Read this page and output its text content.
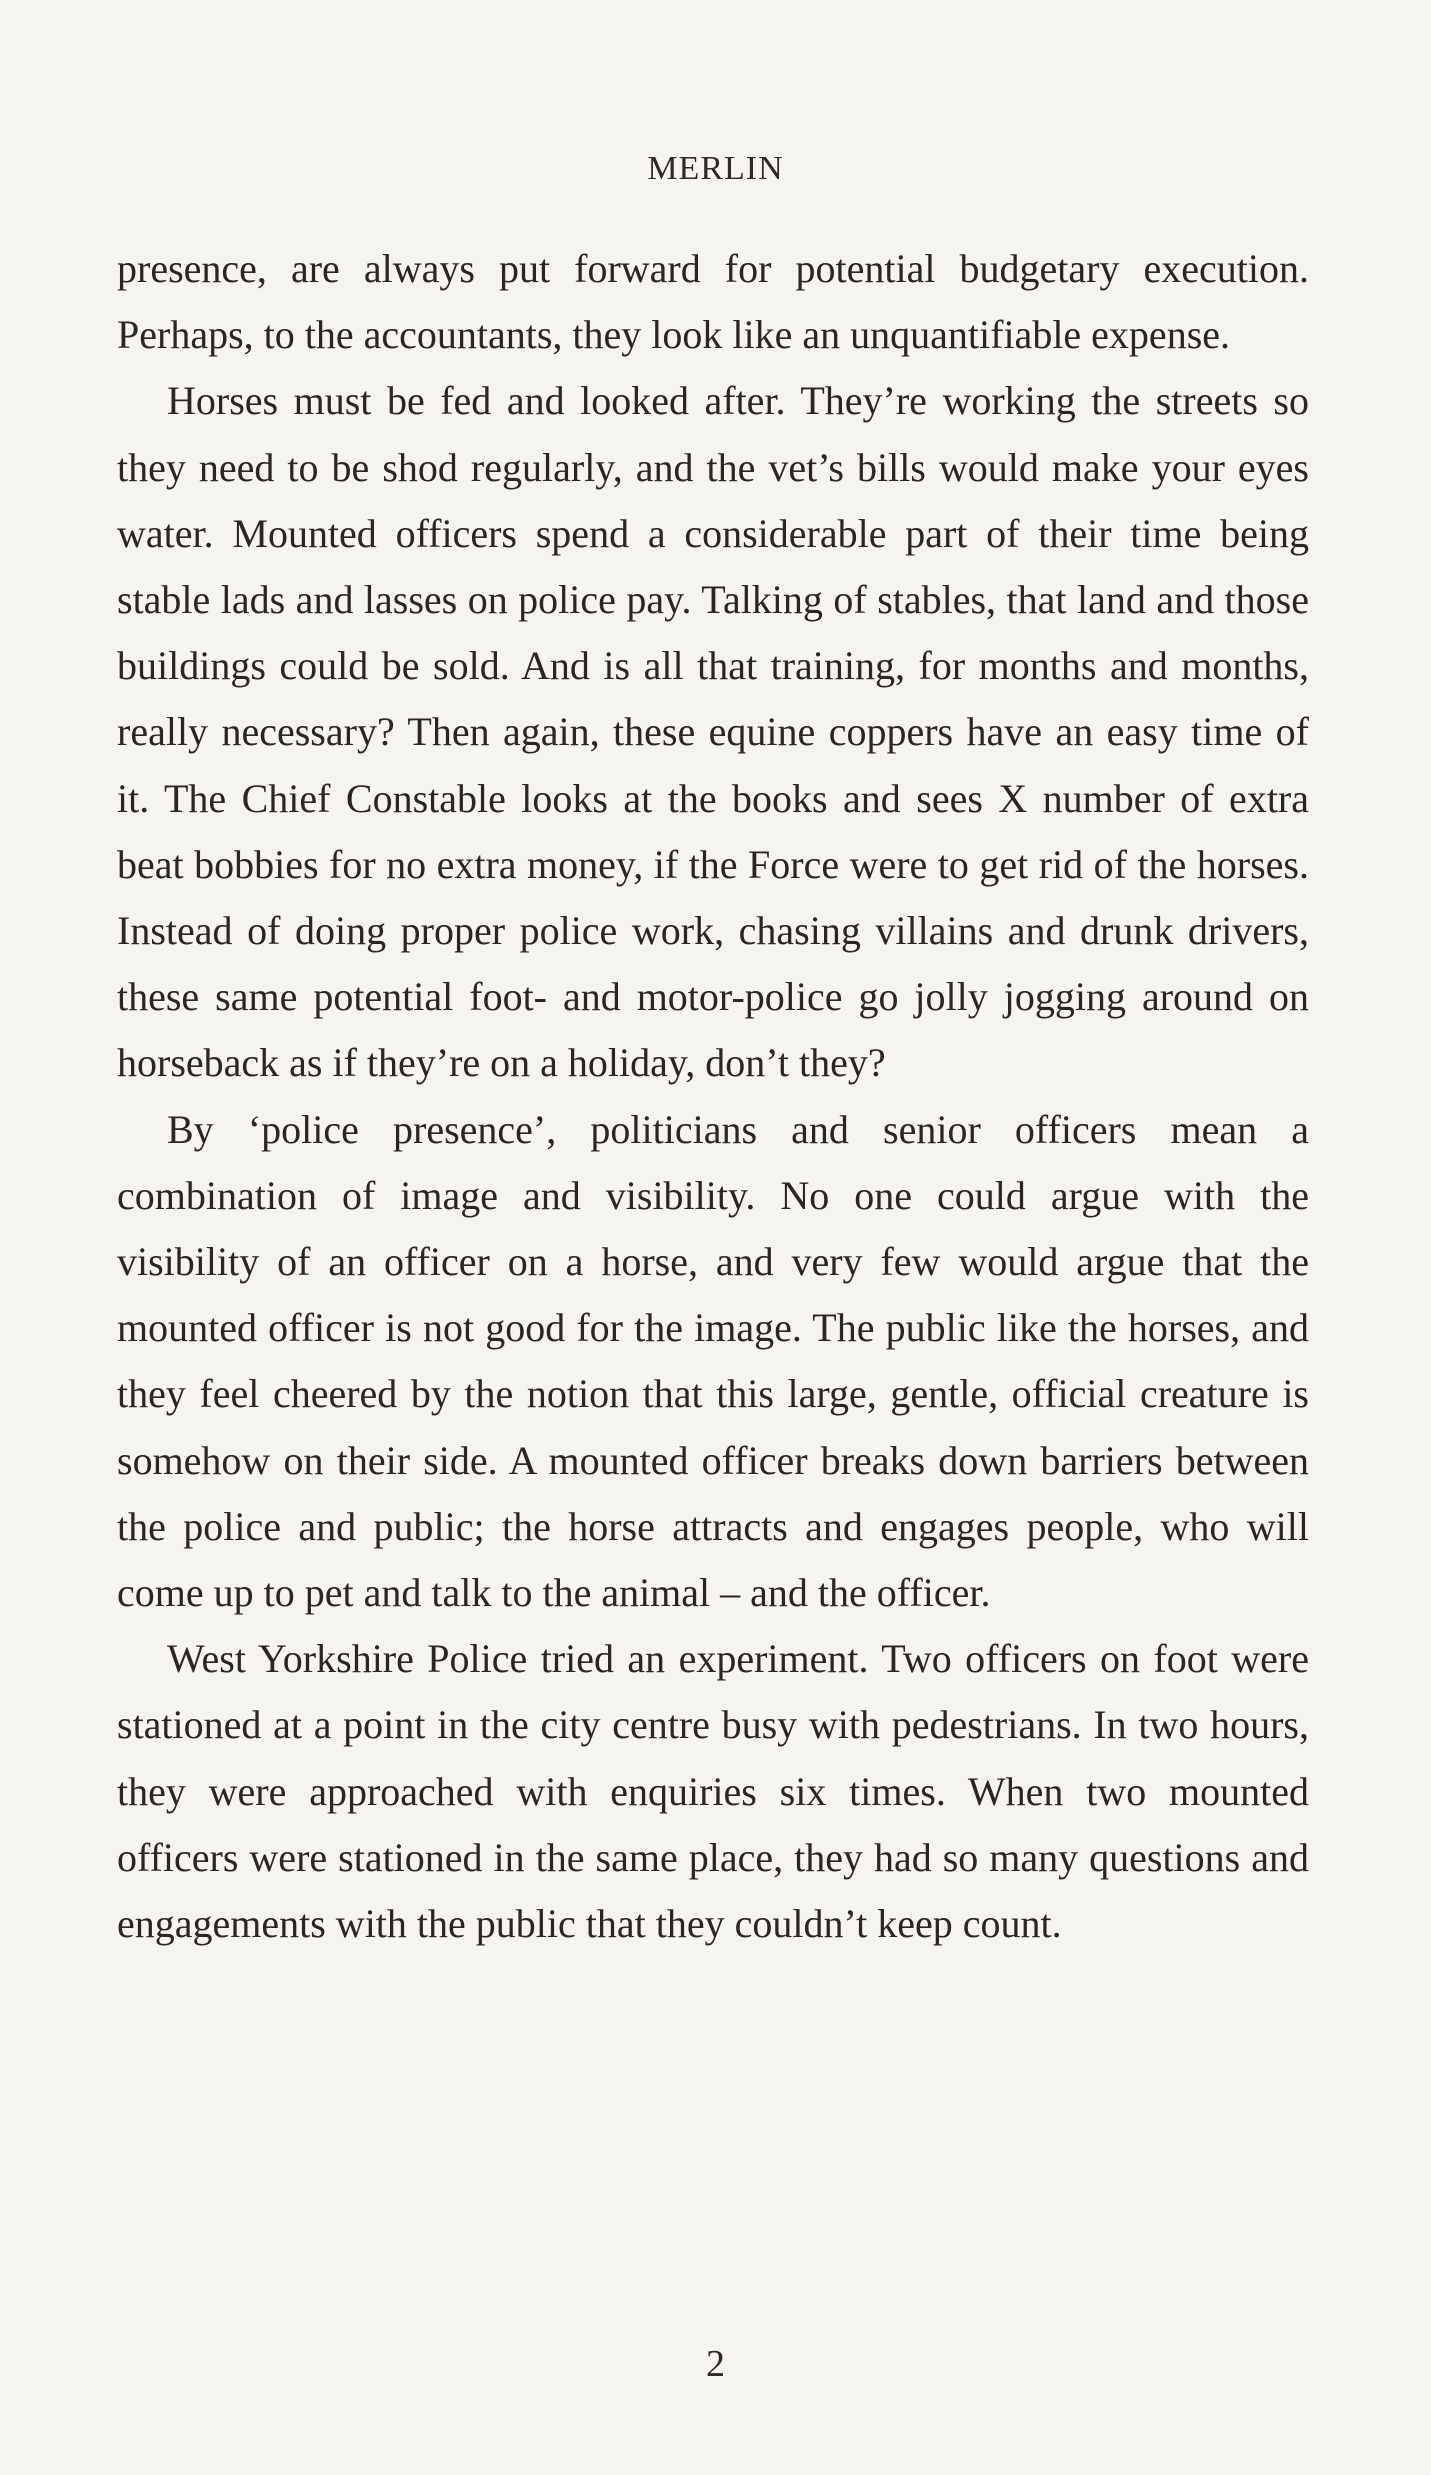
MERLIN

presence, are always put forward for potential budgetary execution. Perhaps, to the accountants, they look like an unquantifiable expense.

Horses must be fed and looked after. They’re working the streets so they need to be shod regularly, and the vet’s bills would make your eyes water. Mounted officers spend a considerable part of their time being stable lads and lasses on police pay. Talking of stables, that land and those buildings could be sold. And is all that training, for months and months, really necessary? Then again, these equine coppers have an easy time of it. The Chief Constable looks at the books and sees X number of extra beat bobbies for no extra money, if the Force were to get rid of the horses. Instead of doing proper police work, chasing villains and drunk drivers, these same potential foot- and motor-police go jolly jogging around on horseback as if they’re on a holiday, don’t they?

By ‘police presence’, politicians and senior officers mean a combination of image and visibility. No one could argue with the visibility of an officer on a horse, and very few would argue that the mounted officer is not good for the image. The public like the horses, and they feel cheered by the notion that this large, gentle, official creature is somehow on their side. A mounted officer breaks down barriers between the police and public; the horse attracts and engages people, who will come up to pet and talk to the animal – and the officer.

West Yorkshire Police tried an experiment. Two officers on foot were stationed at a point in the city centre busy with pedestrians. In two hours, they were approached with enquiries six times. When two mounted officers were stationed in the same place, they had so many questions and engagements with the public that they couldn’t keep count.

2
